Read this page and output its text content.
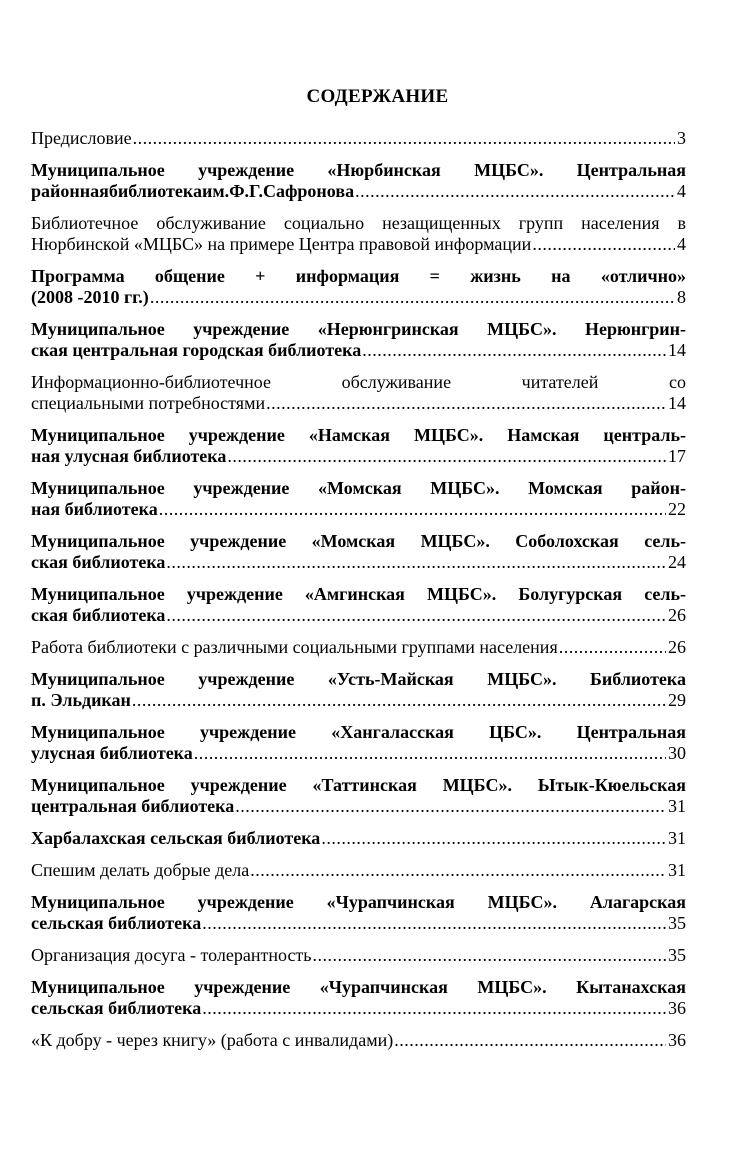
СОДЕРЖАНИЕ
Предисловие .....	3
Муниципальное учреждение «Нюрбинская МЦБС». Центральная
районнаябиблиотекаим.Ф.Г.Сафронова .....	4
Библиотечное обслуживание социально незащищенных групп населения в
Нюрбинской «МЦБС» на примере Центра правовой информации .....	4
Программа общение + информация = жизнь на «отлично»
(2008 -2010 гг.) .....	8
Муниципальное учреждение «Нерюнгринская МЦБС». Нерюнгрин-
ская центральная городская библиотека .....	14
Информационно-библиотечное обслуживание читателей со
специальными потребностями .....	14
Муниципальное учреждение «Намская МЦБС». Намская централь-
ная улусная библиотека .....	17
Муниципальное учреждение «Момская МЦБС». Момская район-
ная библиотека .....	22
Муниципальное учреждение «Момская МЦБС». Соболохская сель-
ская библиотека .....	24
Муниципальное учреждение «Амгинская МЦБС». Болугурская сель-
ская библиотека .....	26
Работа библиотеки с различными социальными группами населения .....	26
Муниципальное учреждение «Усть-Майская МЦБС». Библиотека
п. Эльдикан .....	29
Муниципальное учреждение «Хангаласская ЦБС». Центральная
улусная библиотека .....	30
Муниципальное учреждение «Таттинская МЦБС». Ытык-Кюельская
центральная библиотека .....	31
Харбалахская сельская библиотека .....	31
Спешим делать добрые дела .....	31
Муниципальное учреждение «Чурапчинская МЦБС». Алагарская
сельская библиотека .....	35
Организация досуга - толерантность .....	35
Муниципальное учреждение «Чурапчинская МЦБС». Кытанахская
сельская библиотека .....	36
«К добру - через книгу» (работа с инвалидами) .....	36
